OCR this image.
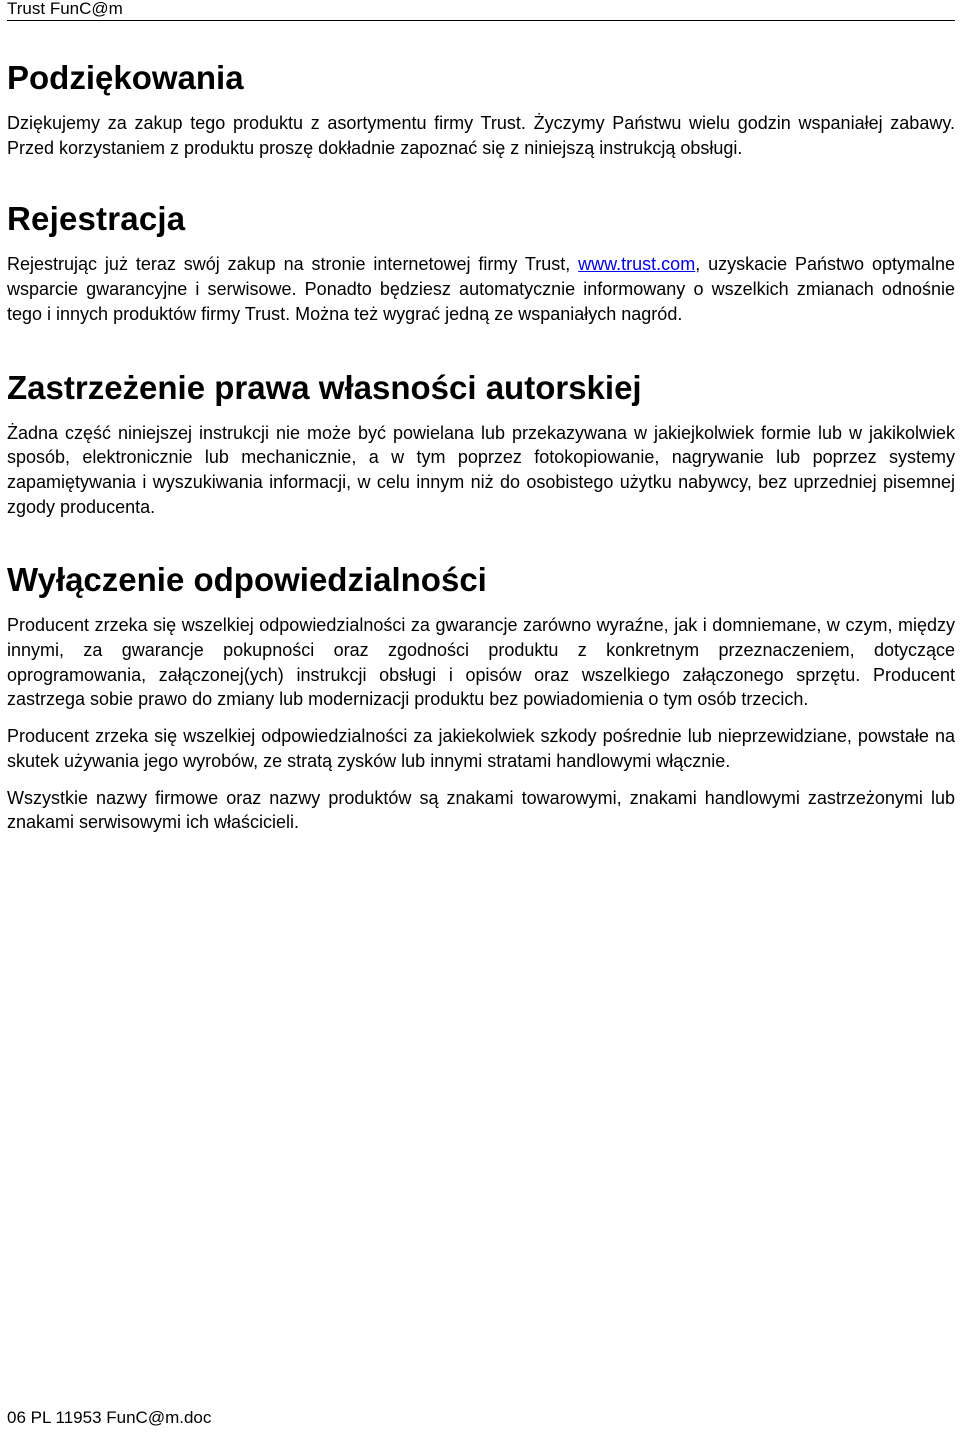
Trust FunC@m
Podziękowania

Dziękujemy za zakup tego produktu z asortymentu firmy Trust. Życzymy Państwu wielu godzin wspaniałej zabawy. Przed korzystaniem z produktu proszę dokładnie zapoznać się z niniejszą instrukcją obsługi.

Rejestracja

Rejestrując już teraz swój zakup na stronie internetowej firmy Trust, www.trust.com, uzyskacie Państwo optymalne wsparcie gwarancyjne i serwisowe. Ponadto będziesz automatycznie informowany o wszelkich zmianach odnośnie tego i innych produktów firmy Trust. Można też wygrać jedną ze wspaniałych nagród.

Zastrzeżenie prawa własności autorskiej

Żadna część niniejszej instrukcji nie może być powielana lub przekazywana w jakiejkolwiek formie lub w jakikolwiek sposób, elektronicznie lub mechanicznie, a w tym poprzez fotokopiowanie, nagrywanie lub poprzez systemy zapamiętywania i wyszukiwania informacji, w celu innym niż do osobistego użytku nabywcy, bez uprzedniej pisemnej zgody producenta.

Wyłączenie odpowiedzialności

Producent zrzeka się wszelkiej odpowiedzialności za gwarancje zarówno wyraźne, jak i domniemane, w czym, między innymi, za gwarancje pokupności oraz zgodności produktu z konkretnym przeznaczeniem, dotyczące oprogramowania, załączonej(ych) instrukcji obsługi i opisów oraz wszelkiego załączonego sprzętu. Producent zastrzega sobie prawo do zmiany lub modernizacji produktu bez powiadomienia o tym osób trzecich.

Producent zrzeka się wszelkiej odpowiedzialności za jakiekolwiek szkody pośrednie lub nieprzewidziane, powstałe na skutek używania jego wyrobów, ze stratą zysków lub innymi stratami handlowymi włącznie.

Wszystkie nazwy firmowe oraz nazwy produktów są znakami towarowymi, znakami handlowymi zastrzeżonymi lub znakami serwisowymi ich właścicieli.

06 PL 11953 FunC@m.doc
